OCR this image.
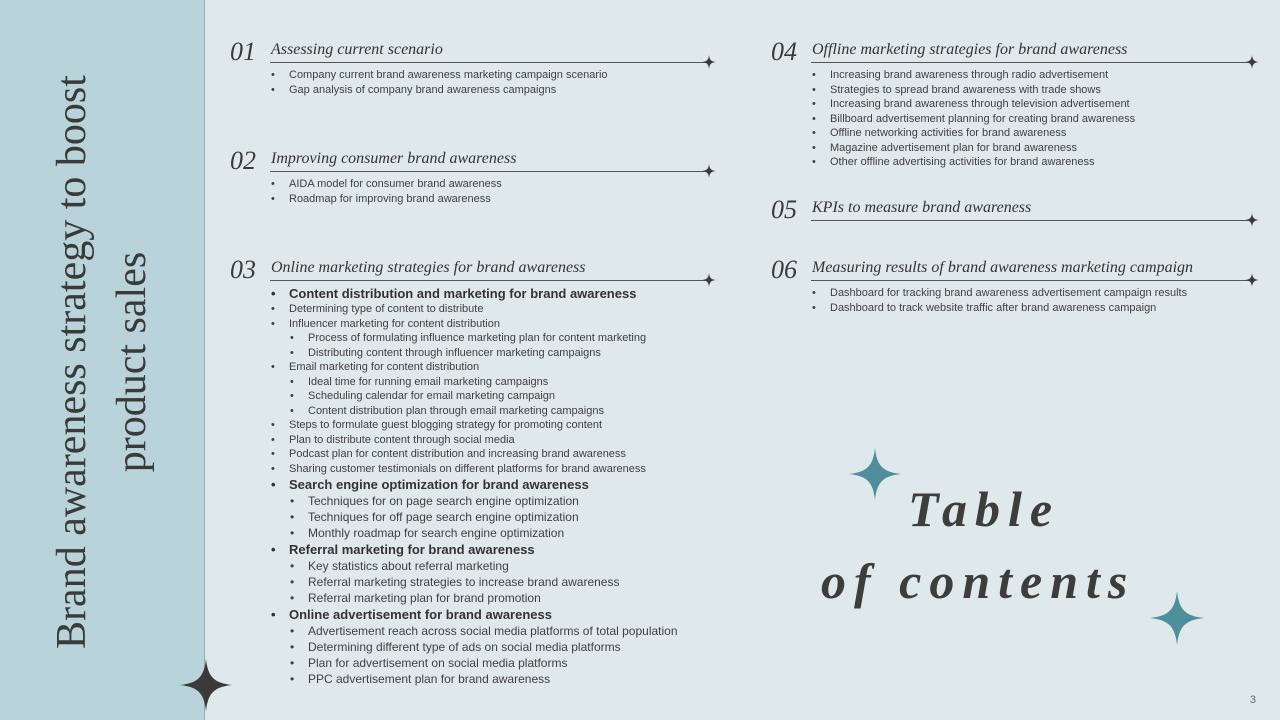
Brand awareness strategy to boost product sales
01 Assessing current scenario
• Company current brand awareness marketing campaign scenario
• Gap analysis of company brand awareness campaigns
02 Improving consumer brand awareness
• AIDA model for consumer brand awareness
• Roadmap for improving brand awareness
03 Online marketing strategies for brand awareness
• Content distribution and marketing for brand awareness
• Determining type of content to distribute
• Influencer marketing for content distribution
• Process of formulating influence marketing plan for content marketing
• Distributing content through influencer marketing campaigns
• Email marketing for content distribution
• Ideal time for running email marketing campaigns
• Scheduling calendar for email marketing campaign
• Content distribution plan through email marketing campaigns
• Steps to formulate guest blogging strategy for promoting content
• Plan to distribute content through social media
• Podcast plan for content distribution and increasing brand awareness
• Sharing customer testimonials on different platforms for brand awareness
• Search engine optimization for brand awareness
• Techniques for on page search engine optimization
• Techniques for off page search engine optimization
• Monthly roadmap for search engine optimization
• Referral marketing for brand awareness
• Key statistics about referral marketing
• Referral marketing strategies to increase brand awareness
• Referral marketing plan for brand promotion
• Online advertisement for brand awareness
• Advertisement reach across social media platforms of total population
• Determining different type of ads on social media platforms
• Plan for advertisement on social media platforms
• PPC advertisement plan for brand awareness
04 Offline marketing strategies for brand awareness
• Increasing brand awareness through radio advertisement
• Strategies to spread brand awareness with trade shows
• Increasing brand awareness through television advertisement
• Billboard advertisement planning for creating brand awareness
• Offline networking activities for brand awareness
• Magazine advertisement plan for brand awareness
• Other offline advertising activities for brand awareness
05 KPIs to measure brand awareness
06 Measuring results of brand awareness marketing campaign
• Dashboard for tracking brand awareness advertisement campaign results
• Dashboard to track website traffic after brand awareness campaign
Table
of contents
3
